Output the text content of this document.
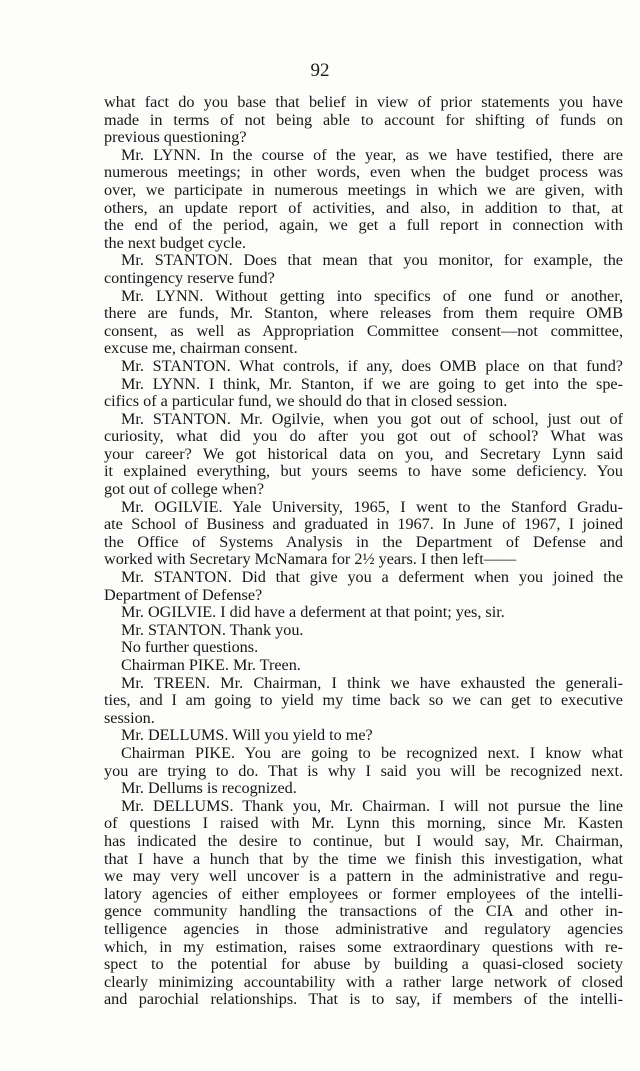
92
what fact do you base that belief in view of prior statements you have
made in terms of not being able to account for shifting of funds on
previous questioning?
Mr. LYNN. In the course of the year, as we have testified, there are
numerous meetings; in other words, even when the budget process was
over, we participate in numerous meetings in which we are given, with
others, an update report of activities, and also, in addition to that, at
the end of the period, again, we get a full report in connection with
the next budget cycle.
Mr. STANTON. Does that mean that you monitor, for example, the
contingency reserve fund?
Mr. LYNN. Without getting into specifics of one fund or another,
there are funds, Mr. Stanton, where releases from them require OMB
consent, as well as Appropriation Committee consent—not committee,
excuse me, chairman consent.
Mr. STANTON. What controls, if any, does OMB place on that fund?
Mr. LYNN. I think, Mr. Stanton, if we are going to get into the spe-
cifics of a particular fund, we should do that in closed session.
Mr. STANTON. Mr. Ogilvie, when you got out of school, just out of
curiosity, what did you do after you got out of school? What was
your career? We got historical data on you, and Secretary Lynn said
it explained everything, but yours seems to have some deficiency. You
got out of college when?
Mr. OGILVIE. Yale University, 1965, I went to the Stanford Gradu-
ate School of Business and graduated in 1967. In June of 1967, I joined
the Office of Systems Analysis in the Department of Defense and
worked with Secretary McNamara for 2½ years. I then left——
Mr. STANTON. Did that give you a deferment when you joined the
Department of Defense?
Mr. OGILVIE. I did have a deferment at that point; yes, sir.
Mr. STANTON. Thank you.
No further questions.
Chairman PIKE. Mr. Treen.
Mr. TREEN. Mr. Chairman, I think we have exhausted the generali-
ties, and I am going to yield my time back so we can get to executive
session.
Mr. DELLUMS. Will you yield to me?
Chairman PIKE. You are going to be recognized next. I know what
you are trying to do. That is why I said you will be recognized next.
Mr. Dellums is recognized.
Mr. DELLUMS. Thank you, Mr. Chairman. I will not pursue the line
of questions I raised with Mr. Lynn this morning, since Mr. Kasten
has indicated the desire to continue, but I would say, Mr. Chairman,
that I have a hunch that by the time we finish this investigation, what
we may very well uncover is a pattern in the administrative and regu-
latory agencies of either employees or former employees of the intelli-
gence community handling the transactions of the CIA and other in-
telligence agencies in those administrative and regulatory agencies
which, in my estimation, raises some extraordinary questions with re-
spect to the potential for abuse by building a quasi-closed society
clearly minimizing accountability with a rather large network of closed
and parochial relationships. That is to say, if members of the intelli-
